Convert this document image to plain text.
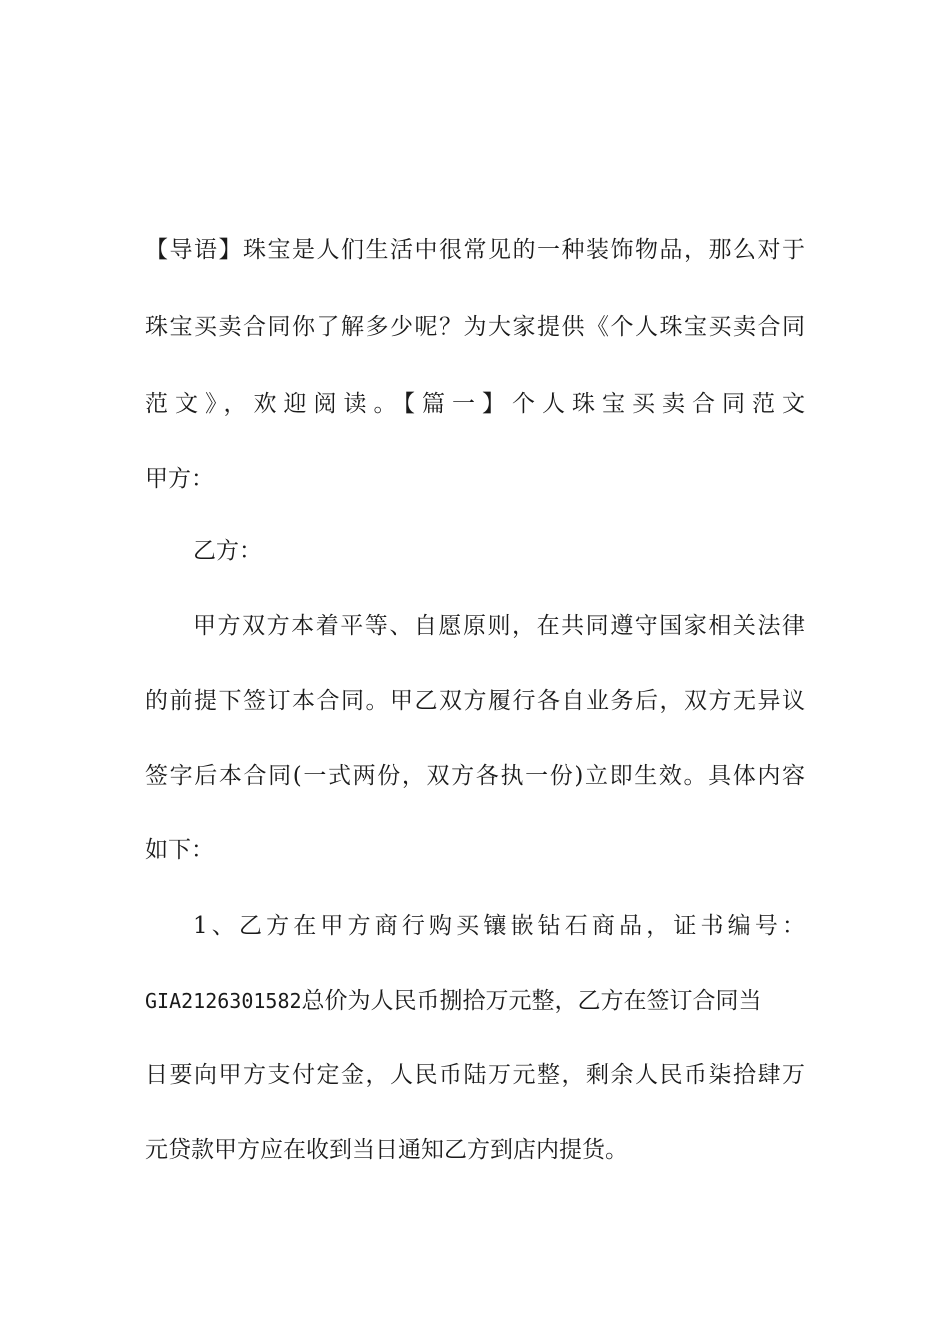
【导语】珠宝是人们生活中很常见的一种装饰物品，那么对于
珠宝买卖合同你了解多少呢？为大家提供《个人珠宝买卖合同
范文》，欢迎阅读。【篇一】个人珠宝买卖合同范文
甲方：
乙方：
甲方双方本着平等、自愿原则，在共同遵守国家相关法律
的前提下签订本合同。甲乙双方履行各自业务后，双方无异议
签字后本合同(一式两份，双方各执一份)立即生效。具体内容
如下：
1、乙方在甲方商行购买镶嵌钻石商品，证书编号：
GIA2126301582总价为人民币捌拾万元整，乙方在签订合同当
日要向甲方支付定金，人民币陆万元整，剩余人民币柒拾肆万
元贷款甲方应在收到当日通知乙方到店内提货。
